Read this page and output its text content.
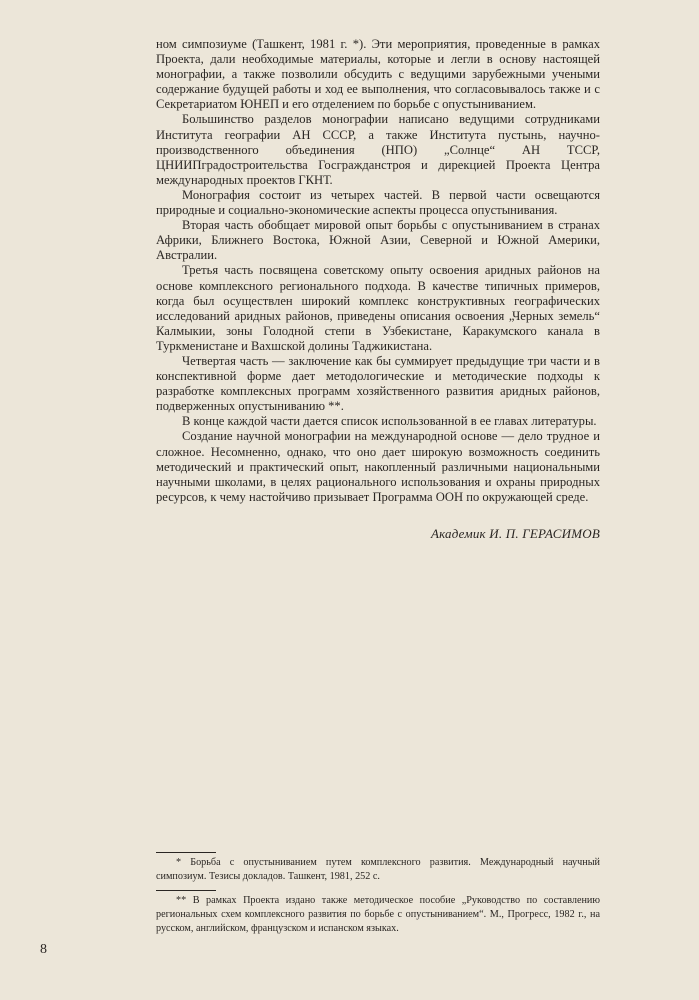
ном симпозиуме (Ташкент, 1981 г. *). Эти мероприятия, проведенные в рамках Проекта, дали необходимые материалы, которые и легли в основу настоящей монографии, а также позволили обсудить с ведущими зарубежными учеными содержание будущей работы и ход ее выполнения, что согласовывалось также и с Секретариатом ЮНЕП и его отделением по борьбе с опустыниванием.

Большинство разделов монографии написано ведущими сотрудниками Института географии АН СССР, а также Института пустынь, научно-производственного объединения (НПО) „Солнце“ АН ТССР, ЦНИИПградостроительства Госгражданстроя и дирекцией Проекта Центра международных проектов ГКНТ.

Монография состоит из четырех частей. В первой части освещаются природные и социально-экономические аспекты процесса опустынивания.

Вторая часть обобщает мировой опыт борьбы с опустыниванием в странах Африки, Ближнего Востока, Южной Азии, Северной и Южной Америки, Австралии.

Третья часть посвящена советскому опыту освоения аридных районов на основе комплексного регионального подхода. В качестве типичных примеров, когда был осуществлен широкий комплекс конструктивных географических исследований аридных районов, приведены описания освоения „Черных земель“ Калмыкии, зоны Голодной степи в Узбекистане, Каракумского канала в Туркменистане и Вахшской долины Таджикистана.

Четвертая часть — заключение как бы суммирует предыдущие три части и в конспективной форме дает методологические и методические подходы к разработке комплексных программ хозяйственного развития аридных районов, подверженных опустыниванию **.

В конце каждой части дается список использованной в ее главах литературы.

Создание научной монографии на международной основе — дело трудное и сложное. Несомненно, однако, что оно дает широкую возможность соединить методический и практический опыт, накопленный различными национальными научными школами, в целях рационального использования и охраны природных ресурсов, к чему настойчиво призывает Программа ООН по окружающей среде.

Академик И. П. ГЕРАСИМОВ
* Борьба с опустыниванием путем комплексного развития. Международный научный симпозиум. Тезисы докладов. Ташкент, 1981, 252 с.
** В рамках Проекта издано также методическое пособие „Руководство по составлению региональных схем комплексного развития по борьбе с опустыниванием“. М., Прогресс, 1982 г., на русском, английском, французском и испанском языках.
8
